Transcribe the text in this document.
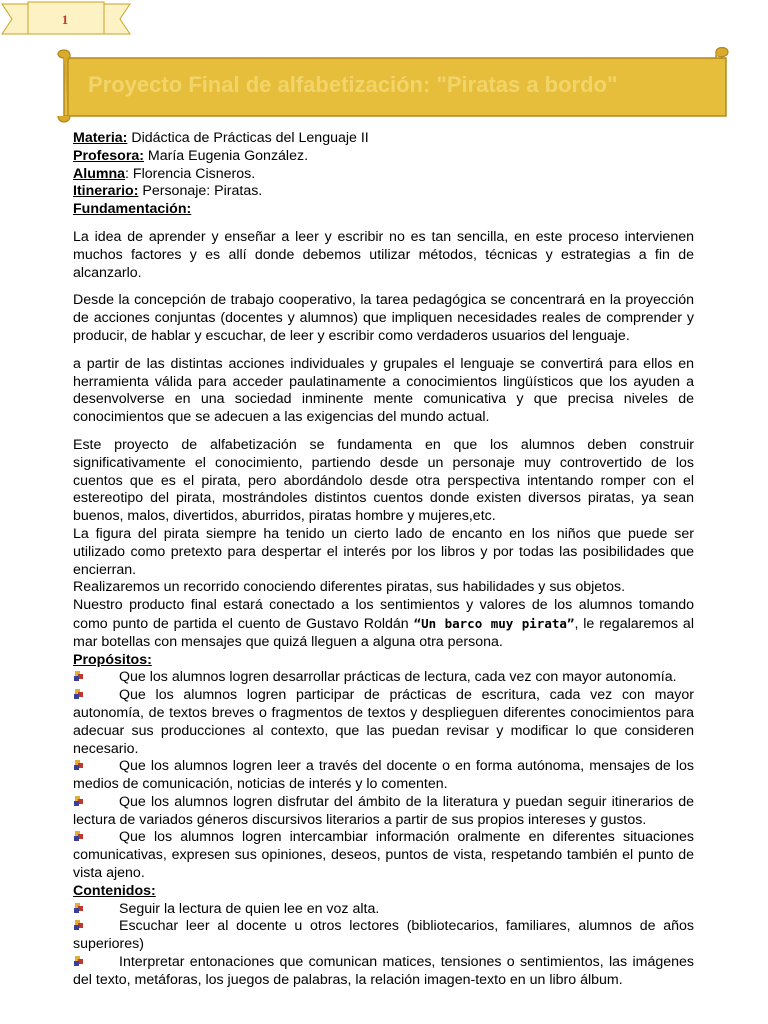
1
Proyecto Final de alfabetización: "Piratas a bordo"
Materia: Didáctica de Prácticas del Lenguaje II
Profesora: María Eugenia González.
Alumna: Florencia Cisneros.
Itinerario: Personaje: Piratas.
Fundamentación:

La idea de aprender y enseñar a leer y escribir no es tan sencilla, en este proceso intervienen muchos factores y es allí donde debemos utilizar métodos, técnicas y estrategias a fin de alcanzarlo.

Desde la concepción de trabajo cooperativo, la tarea pedagógica se concentrará en la proyección de acciones conjuntas (docentes y alumnos) que impliquen necesidades reales de comprender y producir, de hablar y escuchar, de leer y escribir como verdaderos usuarios del lenguaje.

a partir de las distintas acciones individuales y grupales el lenguaje se convertirá para ellos en herramienta válida para acceder paulatinamente a conocimientos lingüísticos que los ayuden a desenvolverse en una sociedad inminente mente comunicativa y que precisa niveles de conocimientos que se adecuen a las exigencias del mundo actual.

Este proyecto de alfabetización se fundamenta en que los alumnos deben construir significativamente el conocimiento, partiendo desde un personaje muy controvertido de los cuentos que es el pirata, pero abordándolo desde otra perspectiva intentando romper con el estereotipo del pirata, mostrándoles distintos cuentos donde existen diversos piratas, ya sean buenos, malos, divertidos, aburridos, piratas hombre y mujeres,etc.

La figura del pirata siempre ha tenido un cierto lado de encanto en los niños que puede ser utilizado como pretexto para despertar el interés por los libros y por todas las posibilidades que encierran.

Realizaremos un recorrido conociendo diferentes piratas, sus habilidades y sus objetos.

Nuestro producto final estará conectado a los sentimientos y valores de los alumnos tomando como punto de partida el cuento de Gustavo Roldán “Un barco muy pirata”, le regalaremos al mar botellas con mensajes que quizá lleguen a alguna otra persona.

Propósitos:
Que los alumnos logren desarrollar prácticas de lectura, cada vez con mayor autonomía.
Que los alumnos logren participar de prácticas de escritura, cada vez con mayor autonomía, de textos breves o fragmentos de textos y desplieguen diferentes conocimientos para adecuar sus producciones al contexto, que las puedan revisar y modificar lo que consideren necesario.
Que los alumnos logren leer a través del docente o en forma autónoma, mensajes de los medios de comunicación, noticias de interés y lo comenten.
Que los alumnos logren disfrutar del ámbito de la literatura y puedan seguir itinerarios de lectura de variados géneros discursivos literarios a partir de sus propios intereses y gustos.
Que los alumnos logren intercambiar información oralmente en diferentes situaciones comunicativas, expresen sus opiniones, deseos, puntos de vista, respetando también el punto de vista ajeno.
Contenidos:
Seguir la lectura de quien lee en voz alta.
Escuchar leer al docente u otros lectores (bibliotecarios, familiares, alumnos de años superiores)
Interpretar entonaciones que comunican matices, tensiones o sentimientos, las imágenes del texto, metáforas, los juegos de palabras, la relación imagen-texto en un libro álbum.
